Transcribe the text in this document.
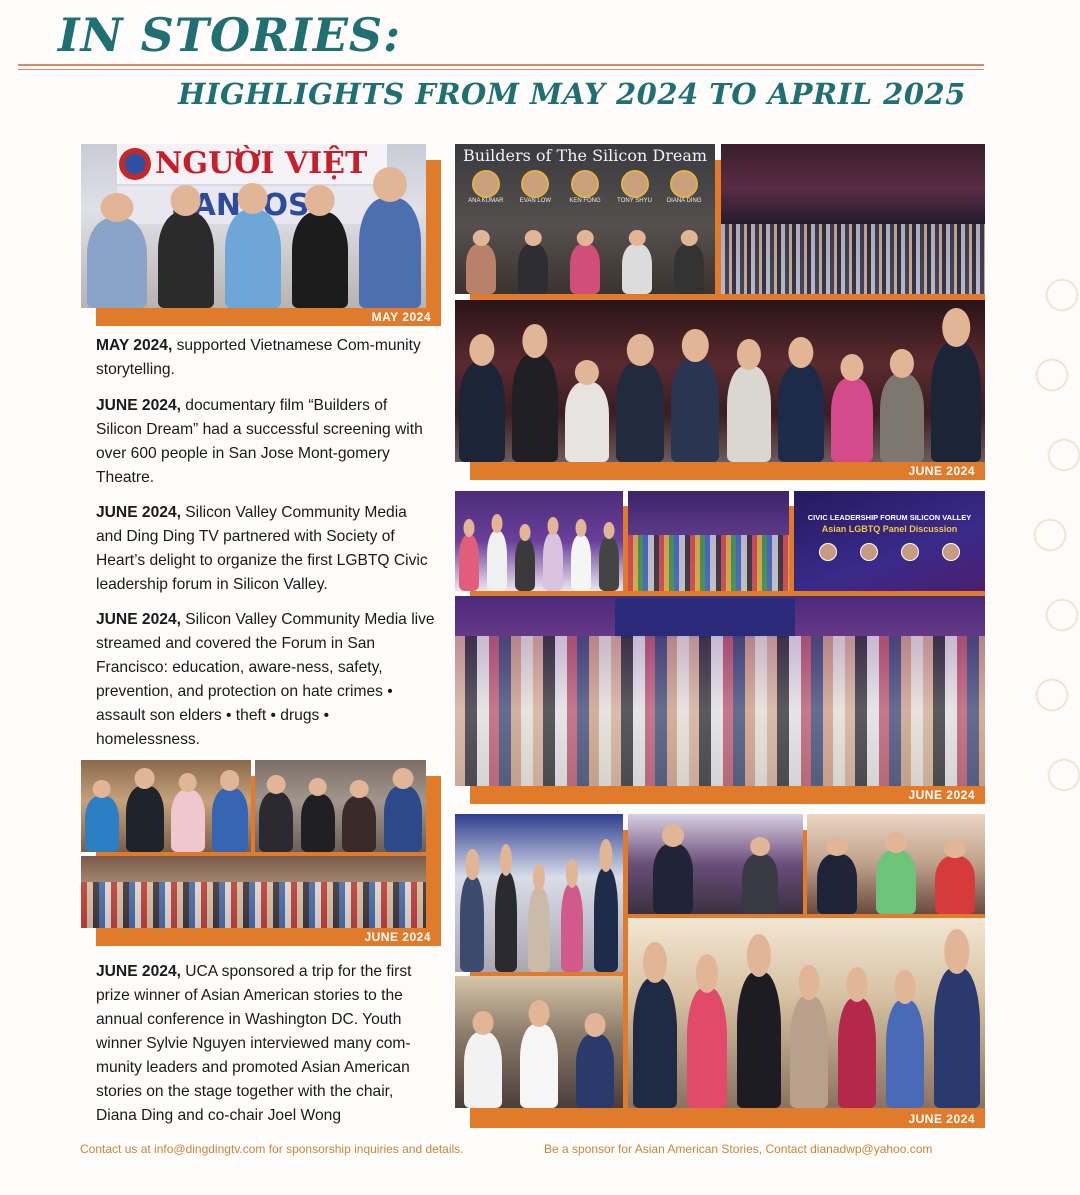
IN STORIES:
HIGHLIGHTS FROM MAY 2024 TO APRIL 2025
MAY 2024
NGƯỜI VIỆT
SAN JOSE
JUNE 2024
Builders of The Silicon Dream
ANA KUMAR	EVAN LOW	KEN FONG	TONY SHYU	DIANA DING
JUNE 2024
CIVIC LEADERSHIP FORUM SILICON VALLEY
Asian LGBTQ Panel Discussion
JUNE 2024
JUNE 2024
MAY 2024, supported Vietnamese Com-munity storytelling.
JUNE 2024, documentary film “Builders of Silicon Dream” had a successful screening with over 600 people in San Jose Mont-gomery Theatre.
JUNE 2024, Silicon Valley Community Media and Ding Ding TV partnered with Society of Heart’s delight to organize the first LGBTQ Civic leadership forum in Silicon Valley.
JUNE 2024, Silicon Valley Community Media live streamed and covered the Forum in San Francisco: education, aware-ness, safety, prevention, and protection on hate crimes • assault son elders • theft • drugs • homelessness.
JUNE 2024, UCA sponsored a trip for the first prize winner of Asian American stories to the annual conference in Washington DC. Youth winner Sylvie Nguyen interviewed many com-munity leaders and promoted Asian American stories on the stage together with the chair, Diana Ding and co-chair Joel Wong
Contact us at info@dingdingtv.com for sponsorship inquiries and details.	Be a sponsor for Asian American Stories, Contact dianadwp@yahoo.com
